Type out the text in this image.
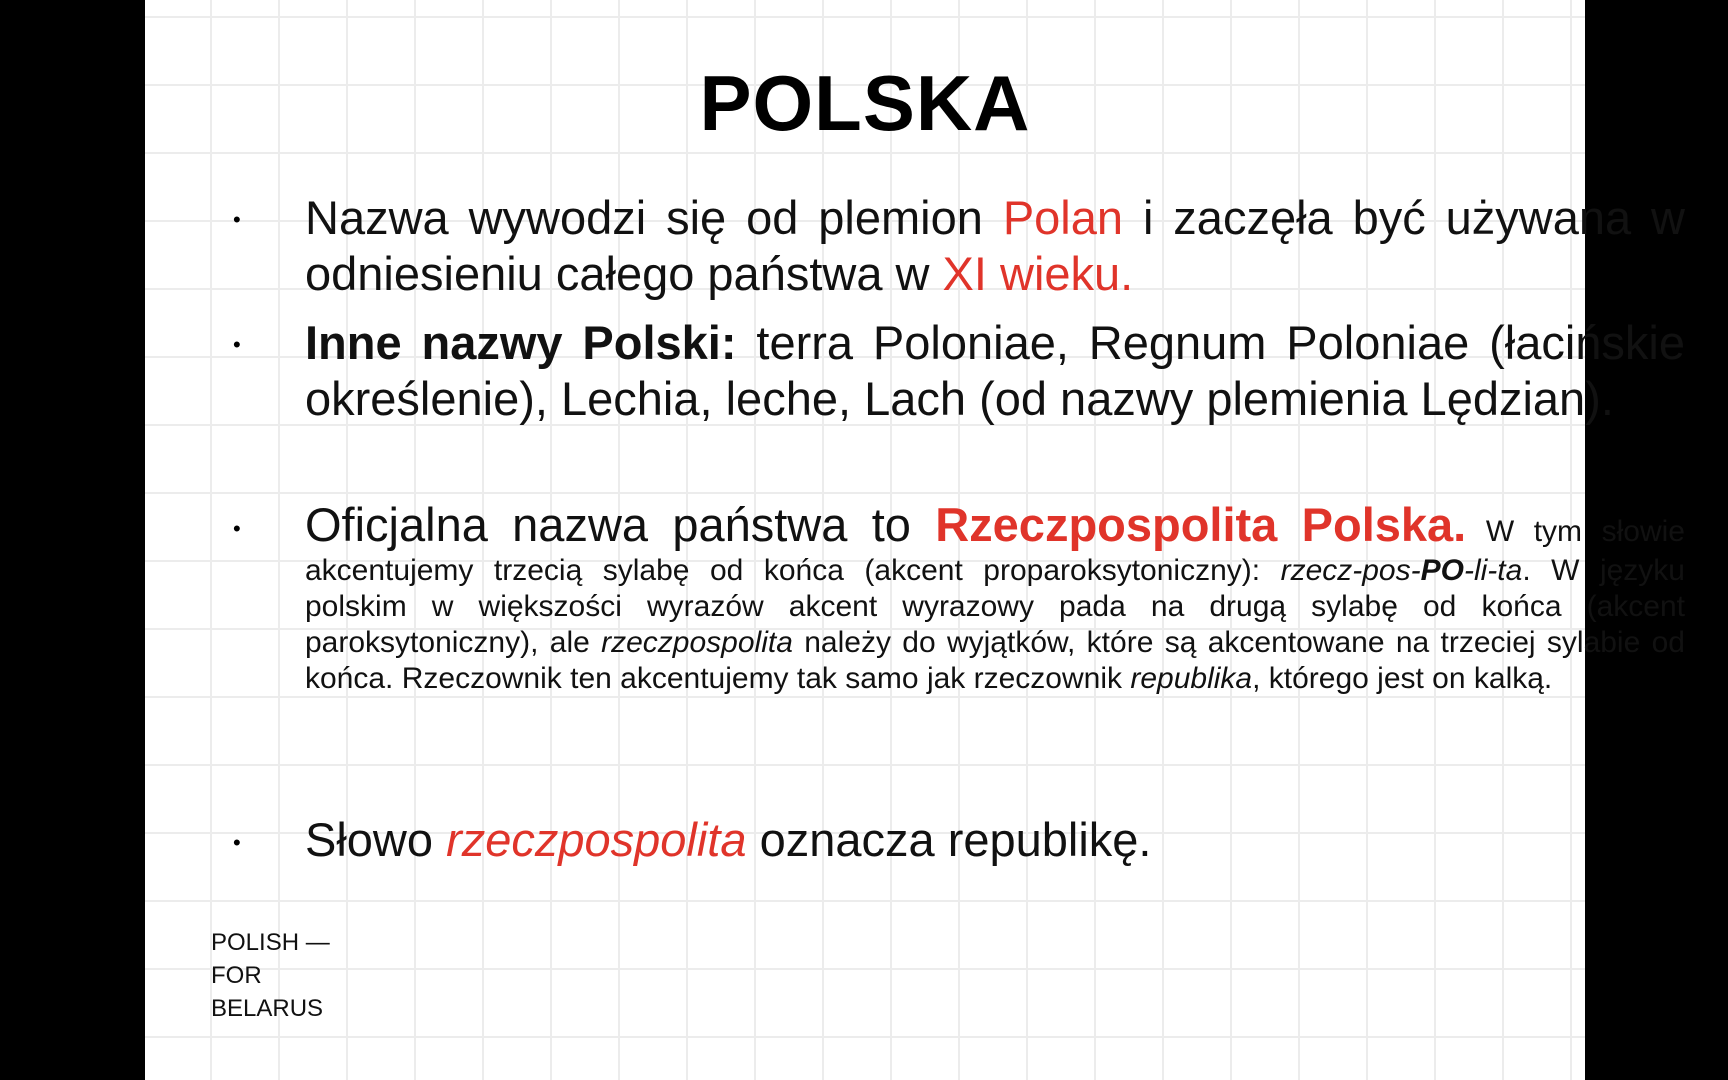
POLSKA
• Nazwa wywodzi się od plemion Polan i zaczęła być używana w odniesieniu całego państwa w XI wieku.
• Inne nazwy Polski: terra Poloniae, Regnum Poloniae (łacińskie określenie), Lechia, leche, Lach (od nazwy plemienia Lędzian).
• Oficjalna nazwa państwa to Rzeczpospolita Polska. W tym słowie akcentujemy trzecią sylabę od końca (akcent proparoksytoniczny): rzecz-pos-PO-li-ta. W języku polskim w większości wyrazów akcent wyrazowy pada na drugą sylabę od końca (akcent paroksytoniczny), ale rzeczpospolita należy do wyjątków, które są akcentowane na trzeciej sylabie od końca. Rzeczownik ten akcentujemy tak samo jak rzeczownik republika, którego jest on kalką.
• Słowo rzeczpospolita oznacza republikę.
POLISH —
FOR
BELARUS
